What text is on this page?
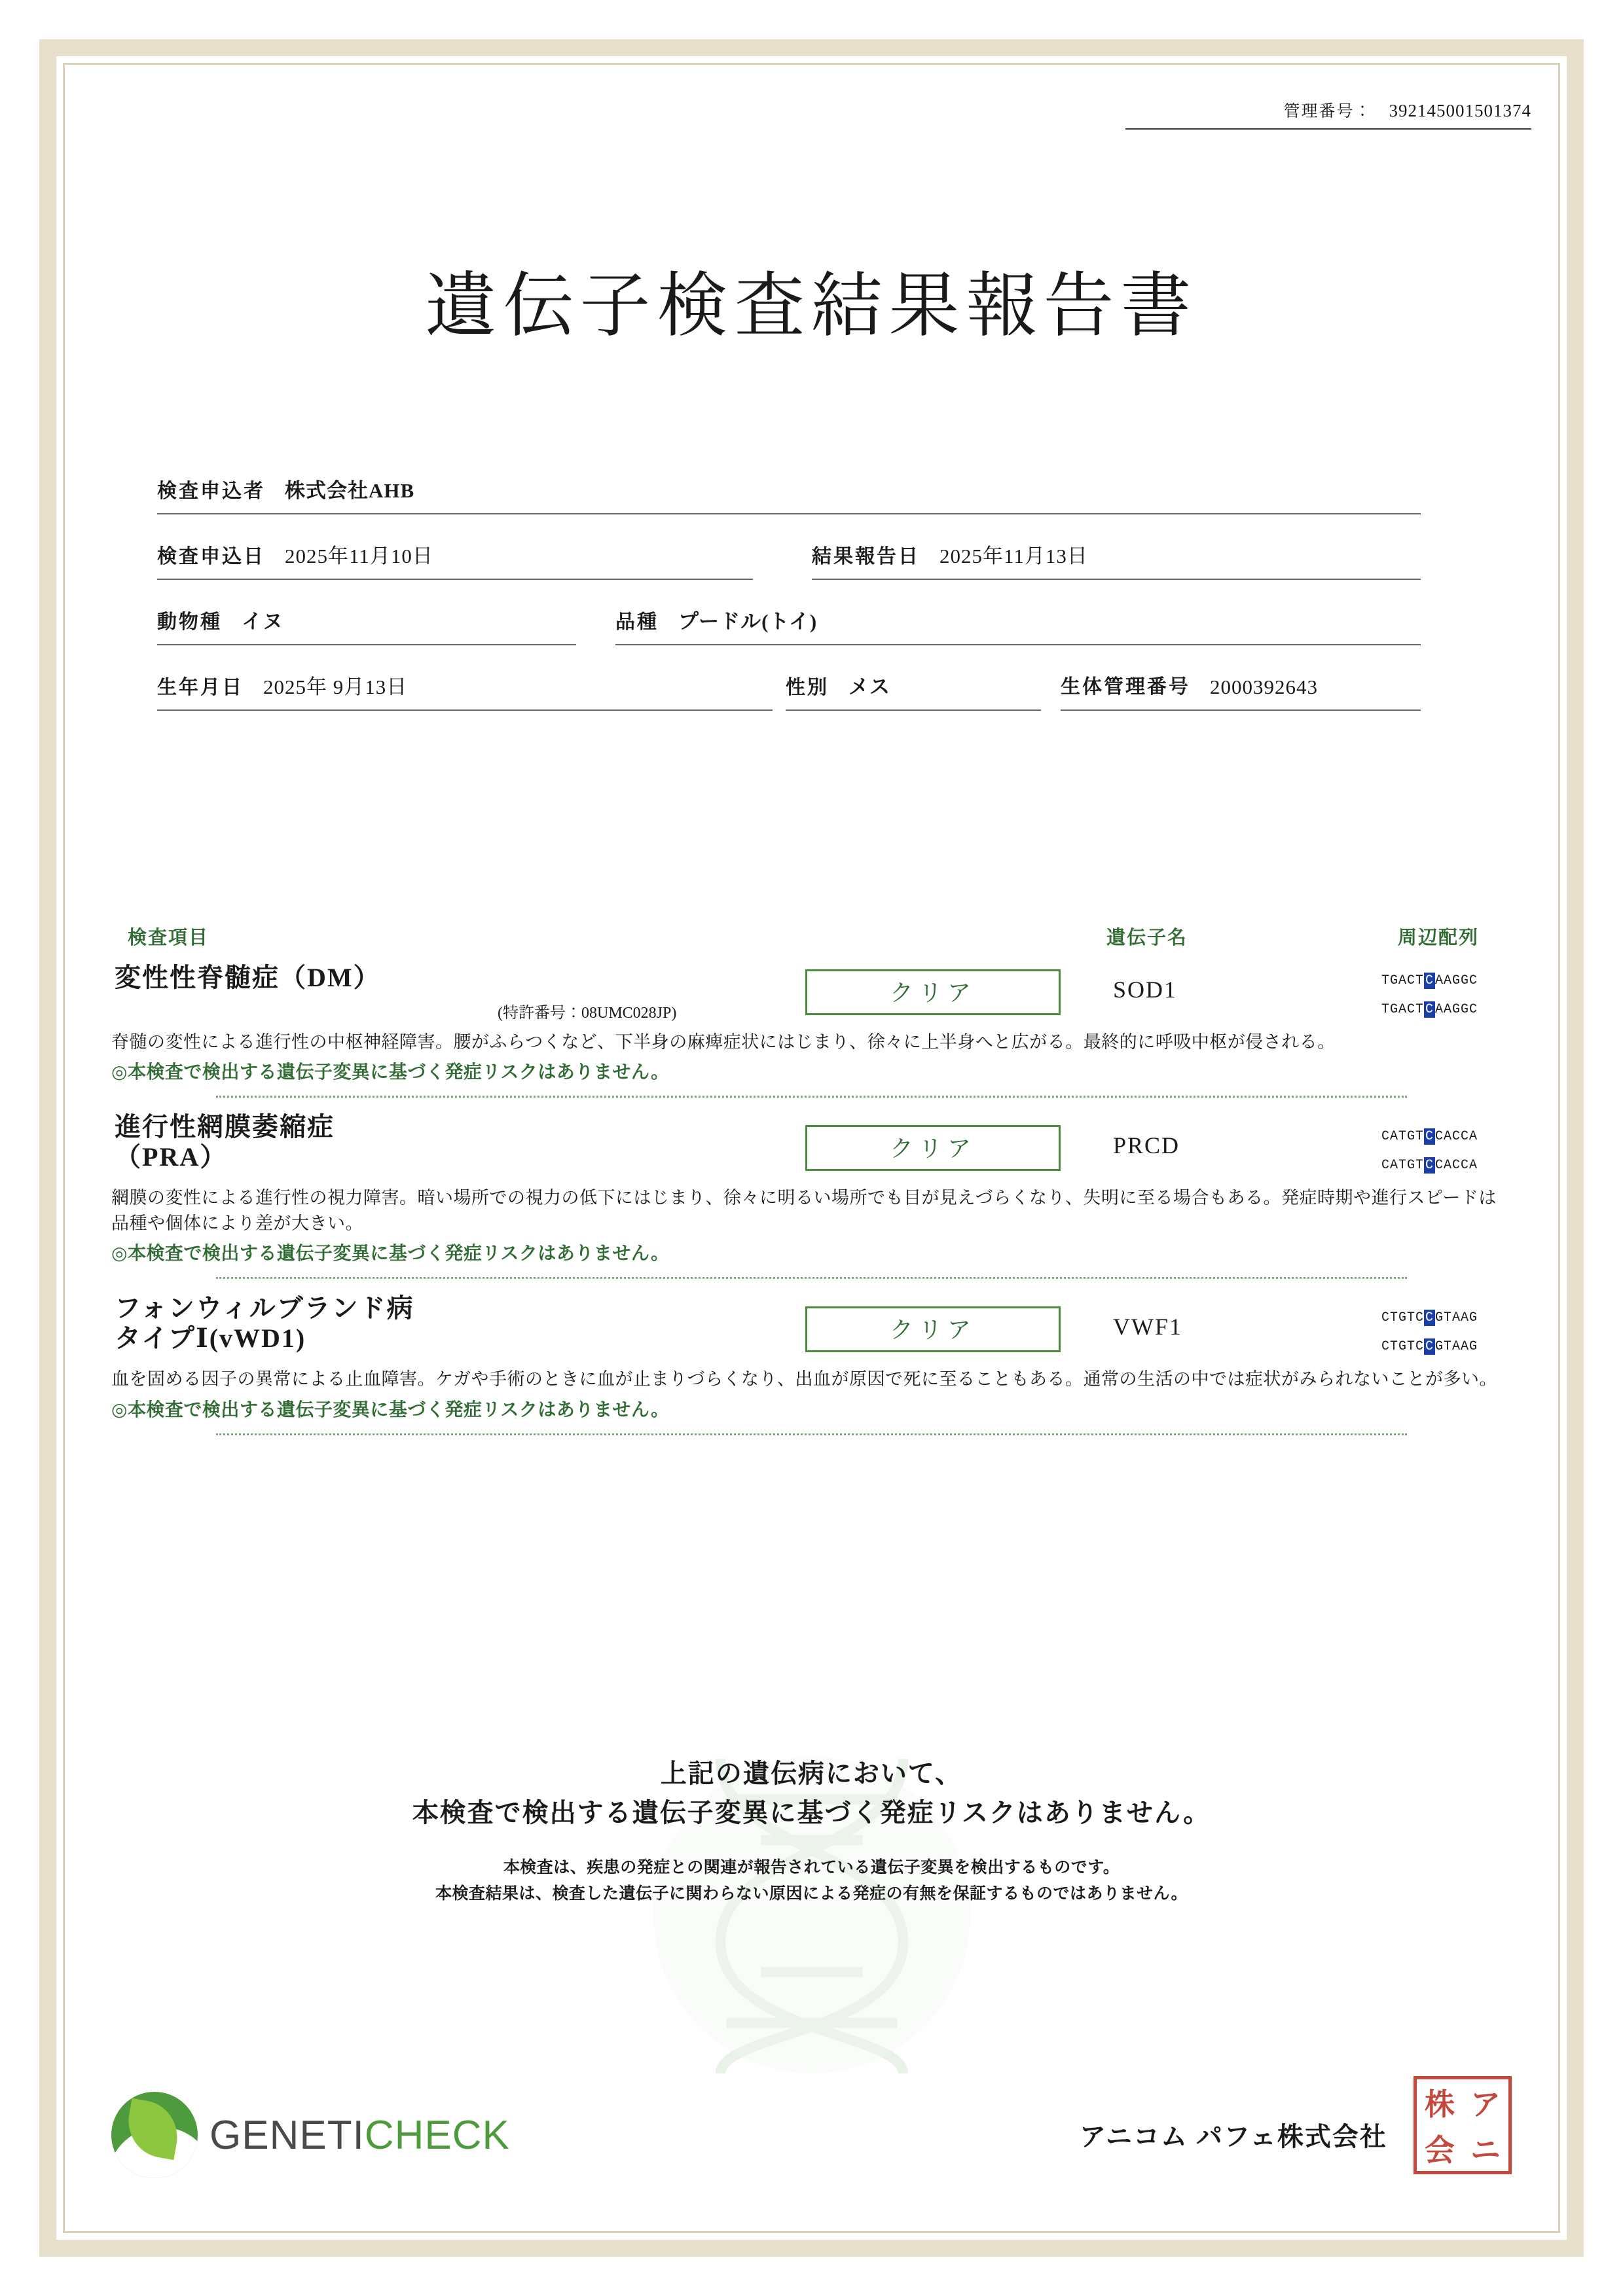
管理番号： 392145001501374
遺伝子検査結果報告書
検査申込者 株式会社AHB
検査申込日 2025年11月10日	結果報告日 2025年11月13日
動物種 イヌ	品種 プードル(トイ)
生年月日 2025年 9月13日	性別 メス	生体管理番号 2000392643
検査項目	遺伝子名	周辺配列
変性性脊髄症（DM）
(特許番号：08UMC028JP)
クリア	SOD1	TGACT C AAGGC
TGACT C AAGGC
脊髄の変性による進行性の中枢神経障害。腰がふらつくなど、下半身の麻痺症状にはじまり、徐々に上半身へと広がる。最終的に呼吸中枢が侵される。
◎本検査で検出する遺伝子変異に基づく発症リスクはありません。
進行性網膜萎縮症
（PRA）	クリア	PRCD	CATGT C CACCA
CATGT C CACCA
網膜の変性による進行性の視力障害。暗い場所での視力の低下にはじまり、徐々に明るい場所でも目が見えづらくなり、失明に至る場合もある。発症時期や進行スピードは品種や個体により差が大きい。
◎本検査で検出する遺伝子変異に基づく発症リスクはありません。
フォンウィルブランド病
タイプⅠ(vWD1)	クリア	VWF1	CTGTC C GTAAG
CTGTC C GTAAG
血を固める因子の異常による止血障害。ケガや手術のときに血が止まりづらくなり、出血が原因で死に至ることもある。通常の生活の中では症状がみられないことが多い。
◎本検査で検出する遺伝子変異に基づく発症リスクはありません。
上記の遺伝病において、
本検査で検出する遺伝子変異に基づく発症リスクはありません。
本検査は、疾患の発症との関連が報告されている遺伝子変異を検出するものです。
本検査結果は、検査した遺伝子に関わらない原因による発症の有無を保証するものではありません。
GENETICHECK	アニコム パフェ株式会社
株 ア
会 ニ
